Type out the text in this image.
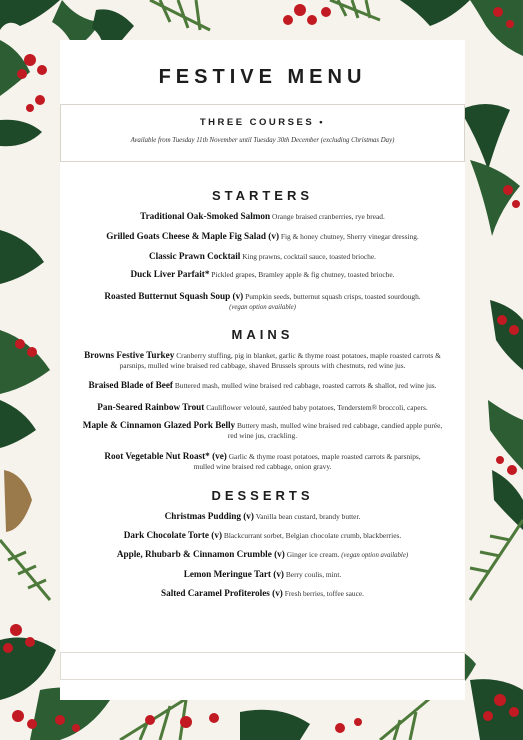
FESTIVE MENU
THREE COURSES •
Available from Tuesday 11th November until Tuesday 30th December (excluding Christmas Day)
STARTERS
Traditional Oak-Smoked Salmon Orange braised cranberries, rye bread.
Grilled Goats Cheese & Maple Fig Salad (v) Fig & honey chutney, Sherry vinegar dressing.
Classic Prawn Cocktail King prawns, cocktail sauce, toasted brioche.
Duck Liver Parfait* Pickled grapes, Bramley apple & fig chutney, toasted brioche.
Roasted Butternut Squash Soup (v) Pumpkin seeds, butternut squash crisps, toasted sourdough.
(vegan option available)
MAINS
Browns Festive Turkey Cranberry stuffing, pig in blanket, garlic & thyme roast potatoes, maple roasted carrots &
parsnips, mulled wine braised red cabbage, shaved Brussels sprouts with chestnuts, red wine jus.
Braised Blade of Beef Buttered mash, mulled wine braised red cabbage, roasted carrots & shallot, red wine jus.
Pan-Seared Rainbow Trout Cauliflower velouté, sautéed baby potatoes, Tenderstem® broccoli, capers.
Maple & Cinnamon Glazed Pork Belly Buttery mash, mulled wine braised red cabbage, candied apple purée,
red wine jus, crackling.
Root Vegetable Nut Roast* (ve) Garlic & thyme roast potatoes, maple roasted carrots & parsnips,
mulled wine braised red cabbage, onion gravy.
DESSERTS
Christmas Pudding (v) Vanilla bean custard, brandy butter.
Dark Chocolate Torte (v) Blackcurrant sorbet, Belgian chocolate crumb, blackberries.
Apple, Rhubarb & Cinnamon Crumble (v) Ginger ice cream. (vegan option available)
Lemon Meringue Tart (v) Berry coulis, mint.
Salted Caramel Profiteroles (v) Fresh berries, toffee sauce.
